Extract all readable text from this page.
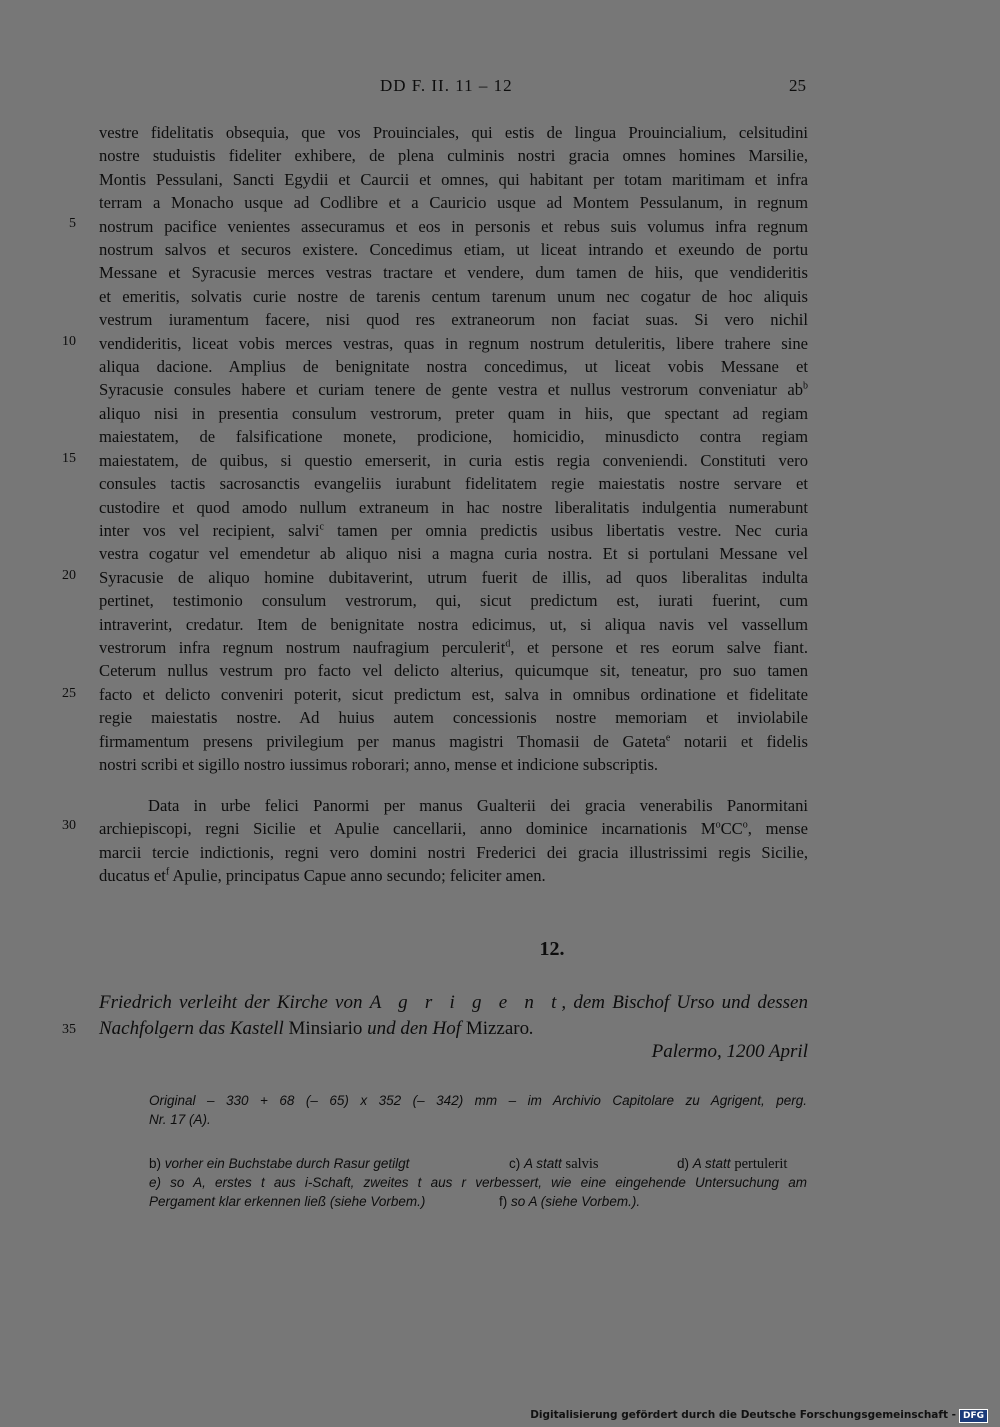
DD F. II. 11 – 12	25
5
10
15
20
25
30
35
vestre fidelitatis obsequia, que vos Prouinciales, qui estis de lingua Prouincialium, celsitudini
nostre studuistis fideliter exhibere, de plena culminis nostri gracia omnes homines Marsilie,
Montis Pessulani, Sancti Egydii et Caurcii et omnes, qui habitant per totam maritimam et infra
terram a Monacho usque ad Codlibre et a Cauricio usque ad Montem Pessulanum, in regnum
nostrum pacifice venientes assecuramus et eos in personis et rebus suis volumus infra regnum
nostrum salvos et securos existere. Concedimus etiam, ut liceat intrando et exeundo de portu
Messane et Syracusie merces vestras tractare et vendere, dum tamen de hiis, que vendideritis
et emeritis, solvatis curie nostre de tarenis centum tarenum unum nec cogatur de hoc aliquis
vestrum iuramentum facere, nisi quod res extraneorum non faciat suas. Si vero nichil
vendideritis, liceat vobis merces vestras, quas in regnum nostrum detuleritis, libere trahere sine
aliqua dacione. Amplius de benignitate nostra concedimus, ut liceat vobis Messane et
Syracusie consules habere et curiam tenere de gente vestra et nullus vestrorum conveniatur $ab^b$
aliquo nisi in presentia consulum vestrorum, preter quam in hiis, que spectant ad regiam
maiestatem, de falsificatione monete, prodicione, homicidio, minusdicto contra regiam
maiestatem, de quibus, si questio emerserit, in curia estis regia conveniendi. Constituti vero
consules tactis sacrosanctis evangeliis iurabunt fidelitatem regie maiestatis nostre servare et
custodire et quod amodo nullum extraneum in hac nostre liberalitatis indulgentia numerabunt
inter vos vel recipient, salvi$^c$ tamen per omnia predictis usibus libertatis vestre. Nec curia
vestra cogatur vel emendetur ab aliquo nisi a magna curia nostra. Et si portulani Messane vel
Syracusie de aliquo homine dubitaverint, utrum fuerit de illis, ad quos liberalitas indulta
pertinet, testimonio consulum vestrorum, qui, sicut predictum est, iurati fuerint, cum
intraverint, credatur. Item de benignitate nostra edicimus, ut, si aliqua navis vel vassellum
vestrorum infra regnum nostrum naufragium perculerit$^d$, et persone et res eorum salve fiant.
Ceterum nullus vestrum pro facto vel delicto alterius, quicumque sit, teneatur, pro suo tamen
facto et delicto conveniri poterit, sicut predictum est, salva in omnibus ordinatione et fidelitate
regie maiestatis nostre. Ad huius autem concessionis nostre memoriam et inviolabile
firmamentum presens privilegium per manus magistri Thomasii de Gateta$^e$ notarii et fidelis
nostri scribi et sigillo nostro iussimus roborari; anno, mense et indicione subscriptis.
Data in urbe felici Panormi per manus Gualterii dei gracia venerabilis Panormitani
archiepiscopi, regni Sicilie et Apulie cancellarii, anno dominice incarnationis $M^oCC^o$, mense
marcii tercie indictionis, regni vero domini nostri Frederici dei gracia illustrissimi regis Sicilie,
ducatus $et^f$ Apulie, principatus Capue anno secundo; feliciter amen.
12.
Friedrich verleiht der Kirche von A g r i g e n t, dem Bischof Urso und dessen
Nachfolgern das Kastell Minsiario und den Hof Mizzaro.
Palermo, 1200 April
Original – 330 + 68 (– 65) x 352 (– 342) mm – im Archivio Capitolare zu Agrigent, perg.
Nr. 17 (A).
b) vorher ein Buchstabe durch Rasur getilgt	c) A statt salvis	d) A statt pertulerit
e) so A, erstes t aus i-Schaft, zweites t aus r verbessert, wie eine eingehende Untersuchung am
Pergament klar erkennen ließ (siehe Vorbem.)	f) so A (siehe Vorbem.).
Digitalisierung gefördert durch die Deutsche Forschungsgemeinschaft - DFG
